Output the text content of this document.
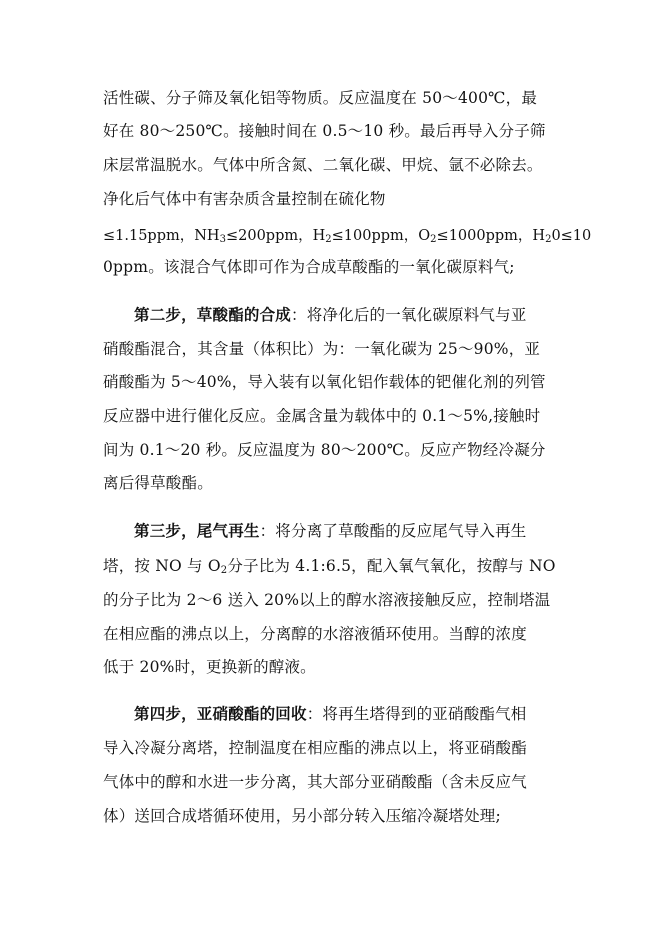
活性碳、分子筛及氧化铝等物质。反应温度在 50～400℃，最
好在 80～250℃。接触时间在 0.5～10 秒。最后再导入分子筛
床层常温脱水。气体中所含氮、二氧化碳、甲烷、氩不必除去。
净化后气体中有害杂质含量控制在硫化物
≤1.15ppm，$NH_3\le 200ppm$，$H_2\le 100ppm$，$O_2\le 1000ppm$，$H_20\le 10$
0ppm。该混合气体即可作为合成草酸酯的一氧化碳原料气;
第二步，草酸酯的合成：将净化后的一氧化碳原料气与亚
硝酸酯混合，其含量（体积比）为：一氧化碳为 25～90%，亚
硝酸酯为 5～40%，导入装有以氧化铝作载体的钯催化剂的列管
反应器中进行催化反应。金属含量为载体中的 0.1～5%,接触时
间为 0.1～20 秒。反应温度为 80～200℃。反应产物经冷凝分
离后得草酸酯。
第三步，尾气再生：将分离了草酸酯的反应尾气导入再生
塔，按 NO 与 $O_2$分子比为 4.1:6.5，配入氧气氧化，按醇与 NO
的分子比为 2～6 送入 20%以上的醇水溶液接触反应，控制塔温
在相应酯的沸点以上，分离醇的水溶液循环使用。当醇的浓度
低于 20%时，更换新的醇液。
第四步，亚硝酸酯的回收：将再生塔得到的亚硝酸酯气相
导入冷凝分离塔，控制温度在相应酯的沸点以上，将亚硝酸酯
气体中的醇和水进一步分离，其大部分亚硝酸酯（含未反应气
体）送回合成塔循环使用，另小部分转入压缩冷凝塔处理;
